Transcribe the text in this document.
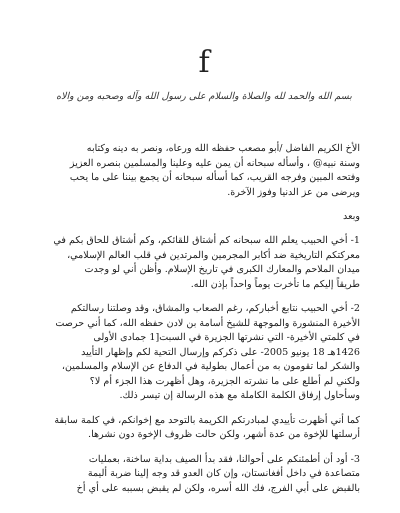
f
بسم الله والحمد لله والصلاة والسلام على رسول الله وآله وصحبه ومن والاه

الأخ الكريم الفاضل /أبو مصعب حفظه الله ورعاه، ونصر به دينه وكتابه
وسنة نبيه@ ، وأسأله سبحانه أن يمن عليه وعلينا والمسلمين بنصره العزيز
وفتحه المبين وفرجه القريب، كما أسأله سبحانه أن يجمع بيننا على ما يحب
ويرضى من عز الدنيا وفوز الآخرة.

وبعد

1- أخي الحبيب يعلم الله سبحانه كم أشتاق للقائكم، وكم أشتاق للحاق بكم في
معركتكم التاريخية ضد أكابر المجرمين والمرتدين في قلب العالم الإسلامي،
ميدان الملاحم والمعارك الكبرى في تاريخ الإسلام. وأظن أني لو وجدت
طريقاً إليكم ما تأخرت يوماً واحداً بإذن الله.

2- أخي الحبيب نتابع أخباركم، رغم الصعاب والمشاق، وقد وصلتنا رسالتكم
الأخيرة المنشورة والموجهة للشيخ أسامة بن لادن حفظه الله، كما أني حرصت
في كلمتي الأخيرة- التي نشرتها الجزيرة في السبت[1 جمادى الأولى
1426هـ 18 يونيو 2005- على ذكركم وإرسال التحية لكم وإظهار التأييد
والشكر لما تقومون به من أعمال بطولية في الدفاع عن الإسلام والمسلمين،
ولكني لم أطلع على ما نشرته الجزيرة، وهل أظهرت هذا الجزء أم لا؟
وسأحاول إرفاق الكلمة الكاملة مع هذه الرسالة إن تيسر ذلك.

كما أني أظهرت تأييدي لمبادرتكم الكريمة بالتوحد مع إخوانكم، في كلمة سابقة
أرسلتها للإخوة من عدة أشهر، ولكن حالت ظروف الإخوة دون نشرها.

3- أود أن أطمئنكم على أحوالنا، فقد بدأ الصيف بداية ساخنة، بعمليات
متصاعدة في داخل أفغانستان، وإن كان العدو قد وجه إلينا ضربة أليمة
بالقبض على أبي الفرج، فك الله أسره، ولكن لم يقبض بسببه على أي أخ
